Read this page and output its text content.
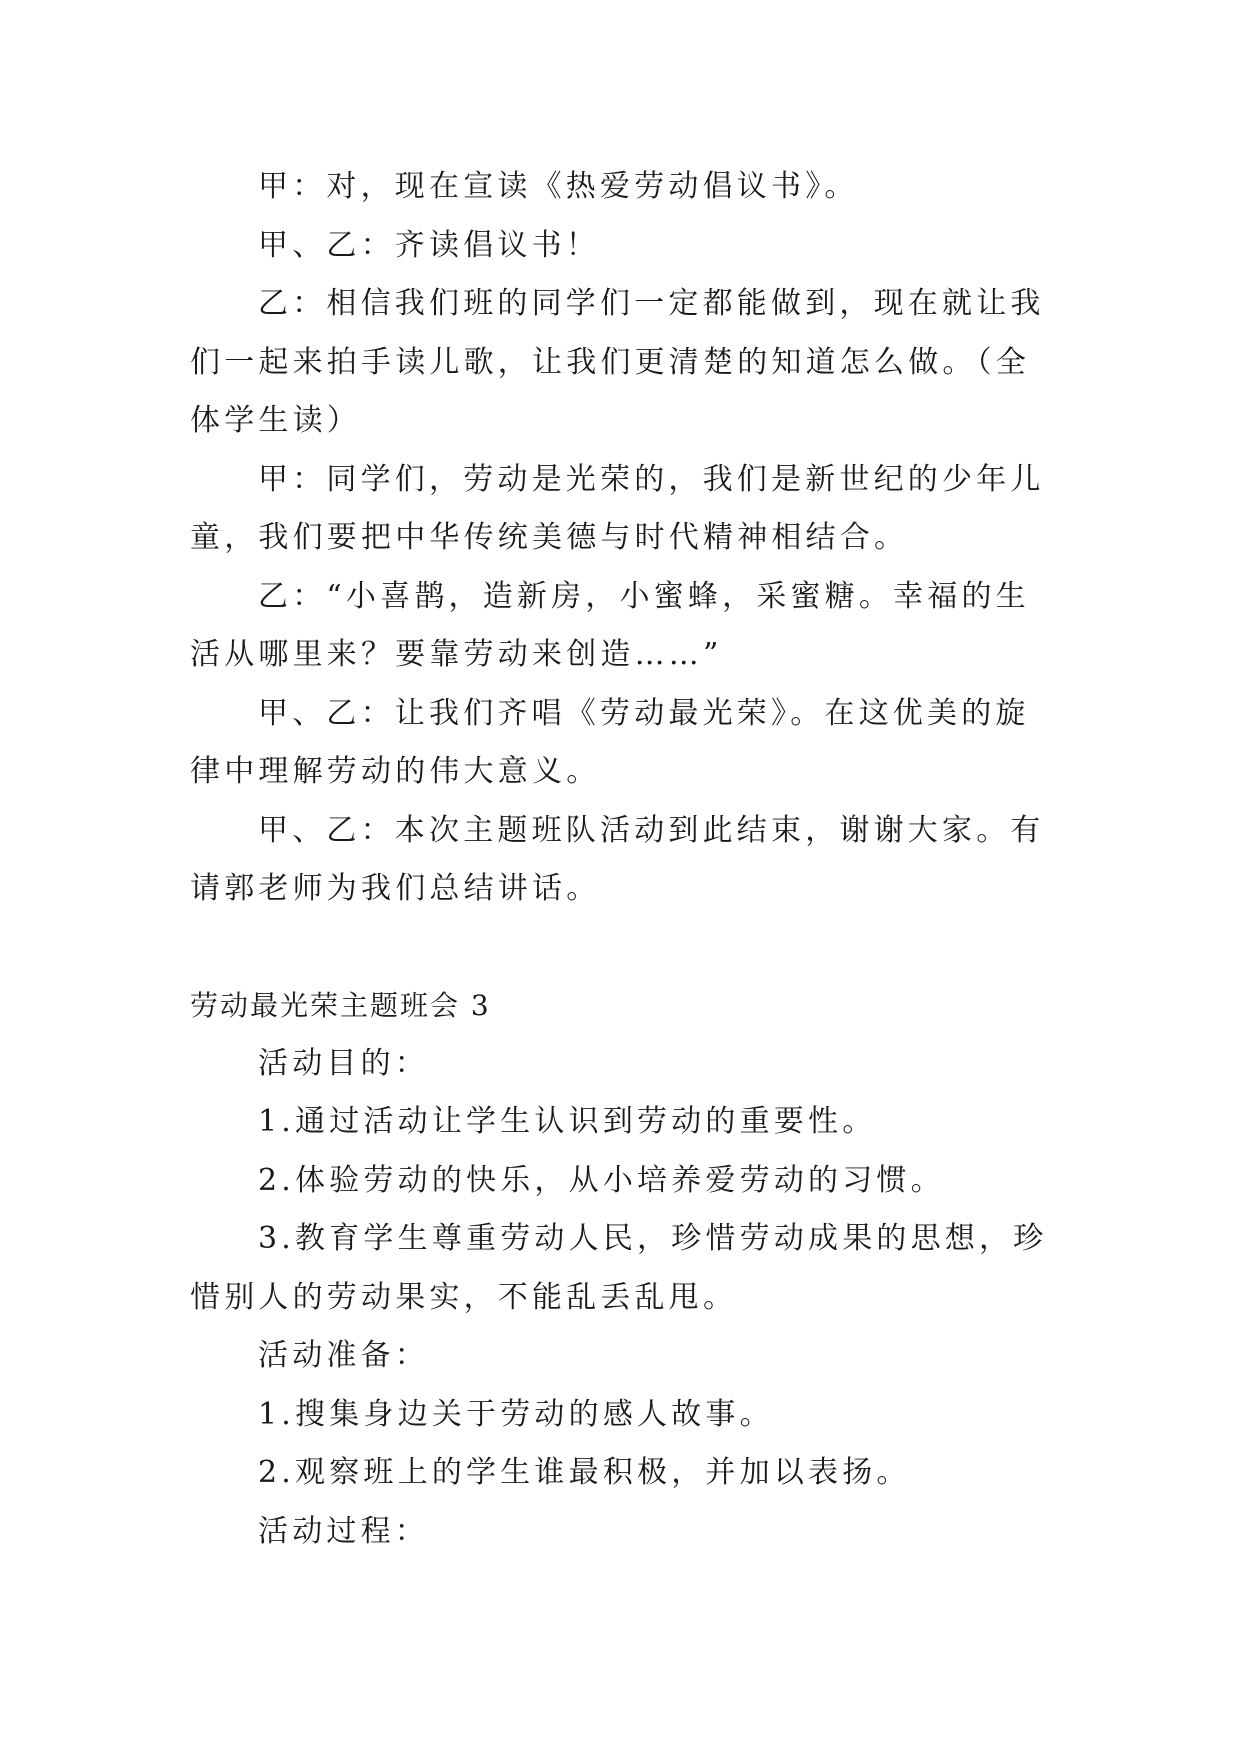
甲：对，现在宣读《热爱劳动倡议书》。

甲、乙：齐读倡议书！

乙：相信我们班的同学们一定都能做到，现在就让我们一起来拍手读儿歌，让我们更清楚的知道怎么做。（全体学生读）

甲：同学们，劳动是光荣的，我们是新世纪的少年儿童，我们要把中华传统美德与时代精神相结合。

乙：“小喜鹊，造新房，小蜜蜂，采蜜糖。幸福的生活从哪里来？要靠劳动来创造……”

甲、乙：让我们齐唱《劳动最光荣》。在这优美的旋律中理解劳动的伟大意义。

甲、乙：本次主题班队活动到此结束，谢谢大家。有请郭老师为我们总结讲话。

劳动最光荣主题班会 3

活动目的：

1.通过活动让学生认识到劳动的重要性。

2.体验劳动的快乐，从小培养爱劳动的习惯。

3.教育学生尊重劳动人民，珍惜劳动成果的思想，珍惜别人的劳动果实，不能乱丢乱甩。

活动准备：

1.搜集身边关于劳动的感人故事。

2.观察班上的学生谁最积极，并加以表扬。

活动过程：
